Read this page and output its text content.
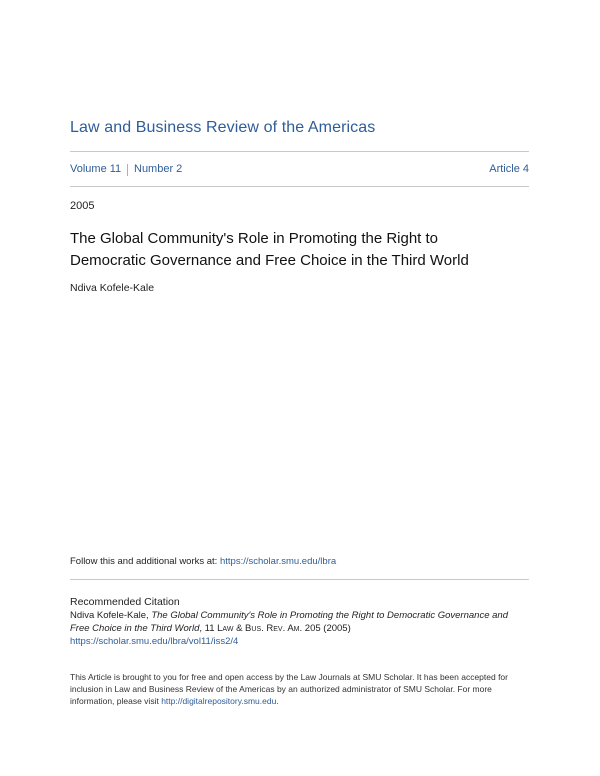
Law and Business Review of the Americas
Volume 11 Number 2	Article 4
2005
The Global Community's Role in Promoting the Right to
Democratic Governance and Free Choice in the Third World
Ndiva Kofele-Kale
Follow this and additional works at: https://scholar.smu.edu/lbra
Recommended Citation
Ndiva Kofele-Kale, The Global Community's Role in Promoting the Right to Democratic Governance and Free Choice in the Third World, 11 Law & Bus. Rev. Am. 205 (2005)
https://scholar.smu.edu/lbra/vol11/iss2/4
This Article is brought to you for free and open access by the Law Journals at SMU Scholar. It has been accepted for inclusion in Law and Business Review of the Americas by an authorized administrator of SMU Scholar. For more information, please visit http://digitalrepository.smu.edu.
